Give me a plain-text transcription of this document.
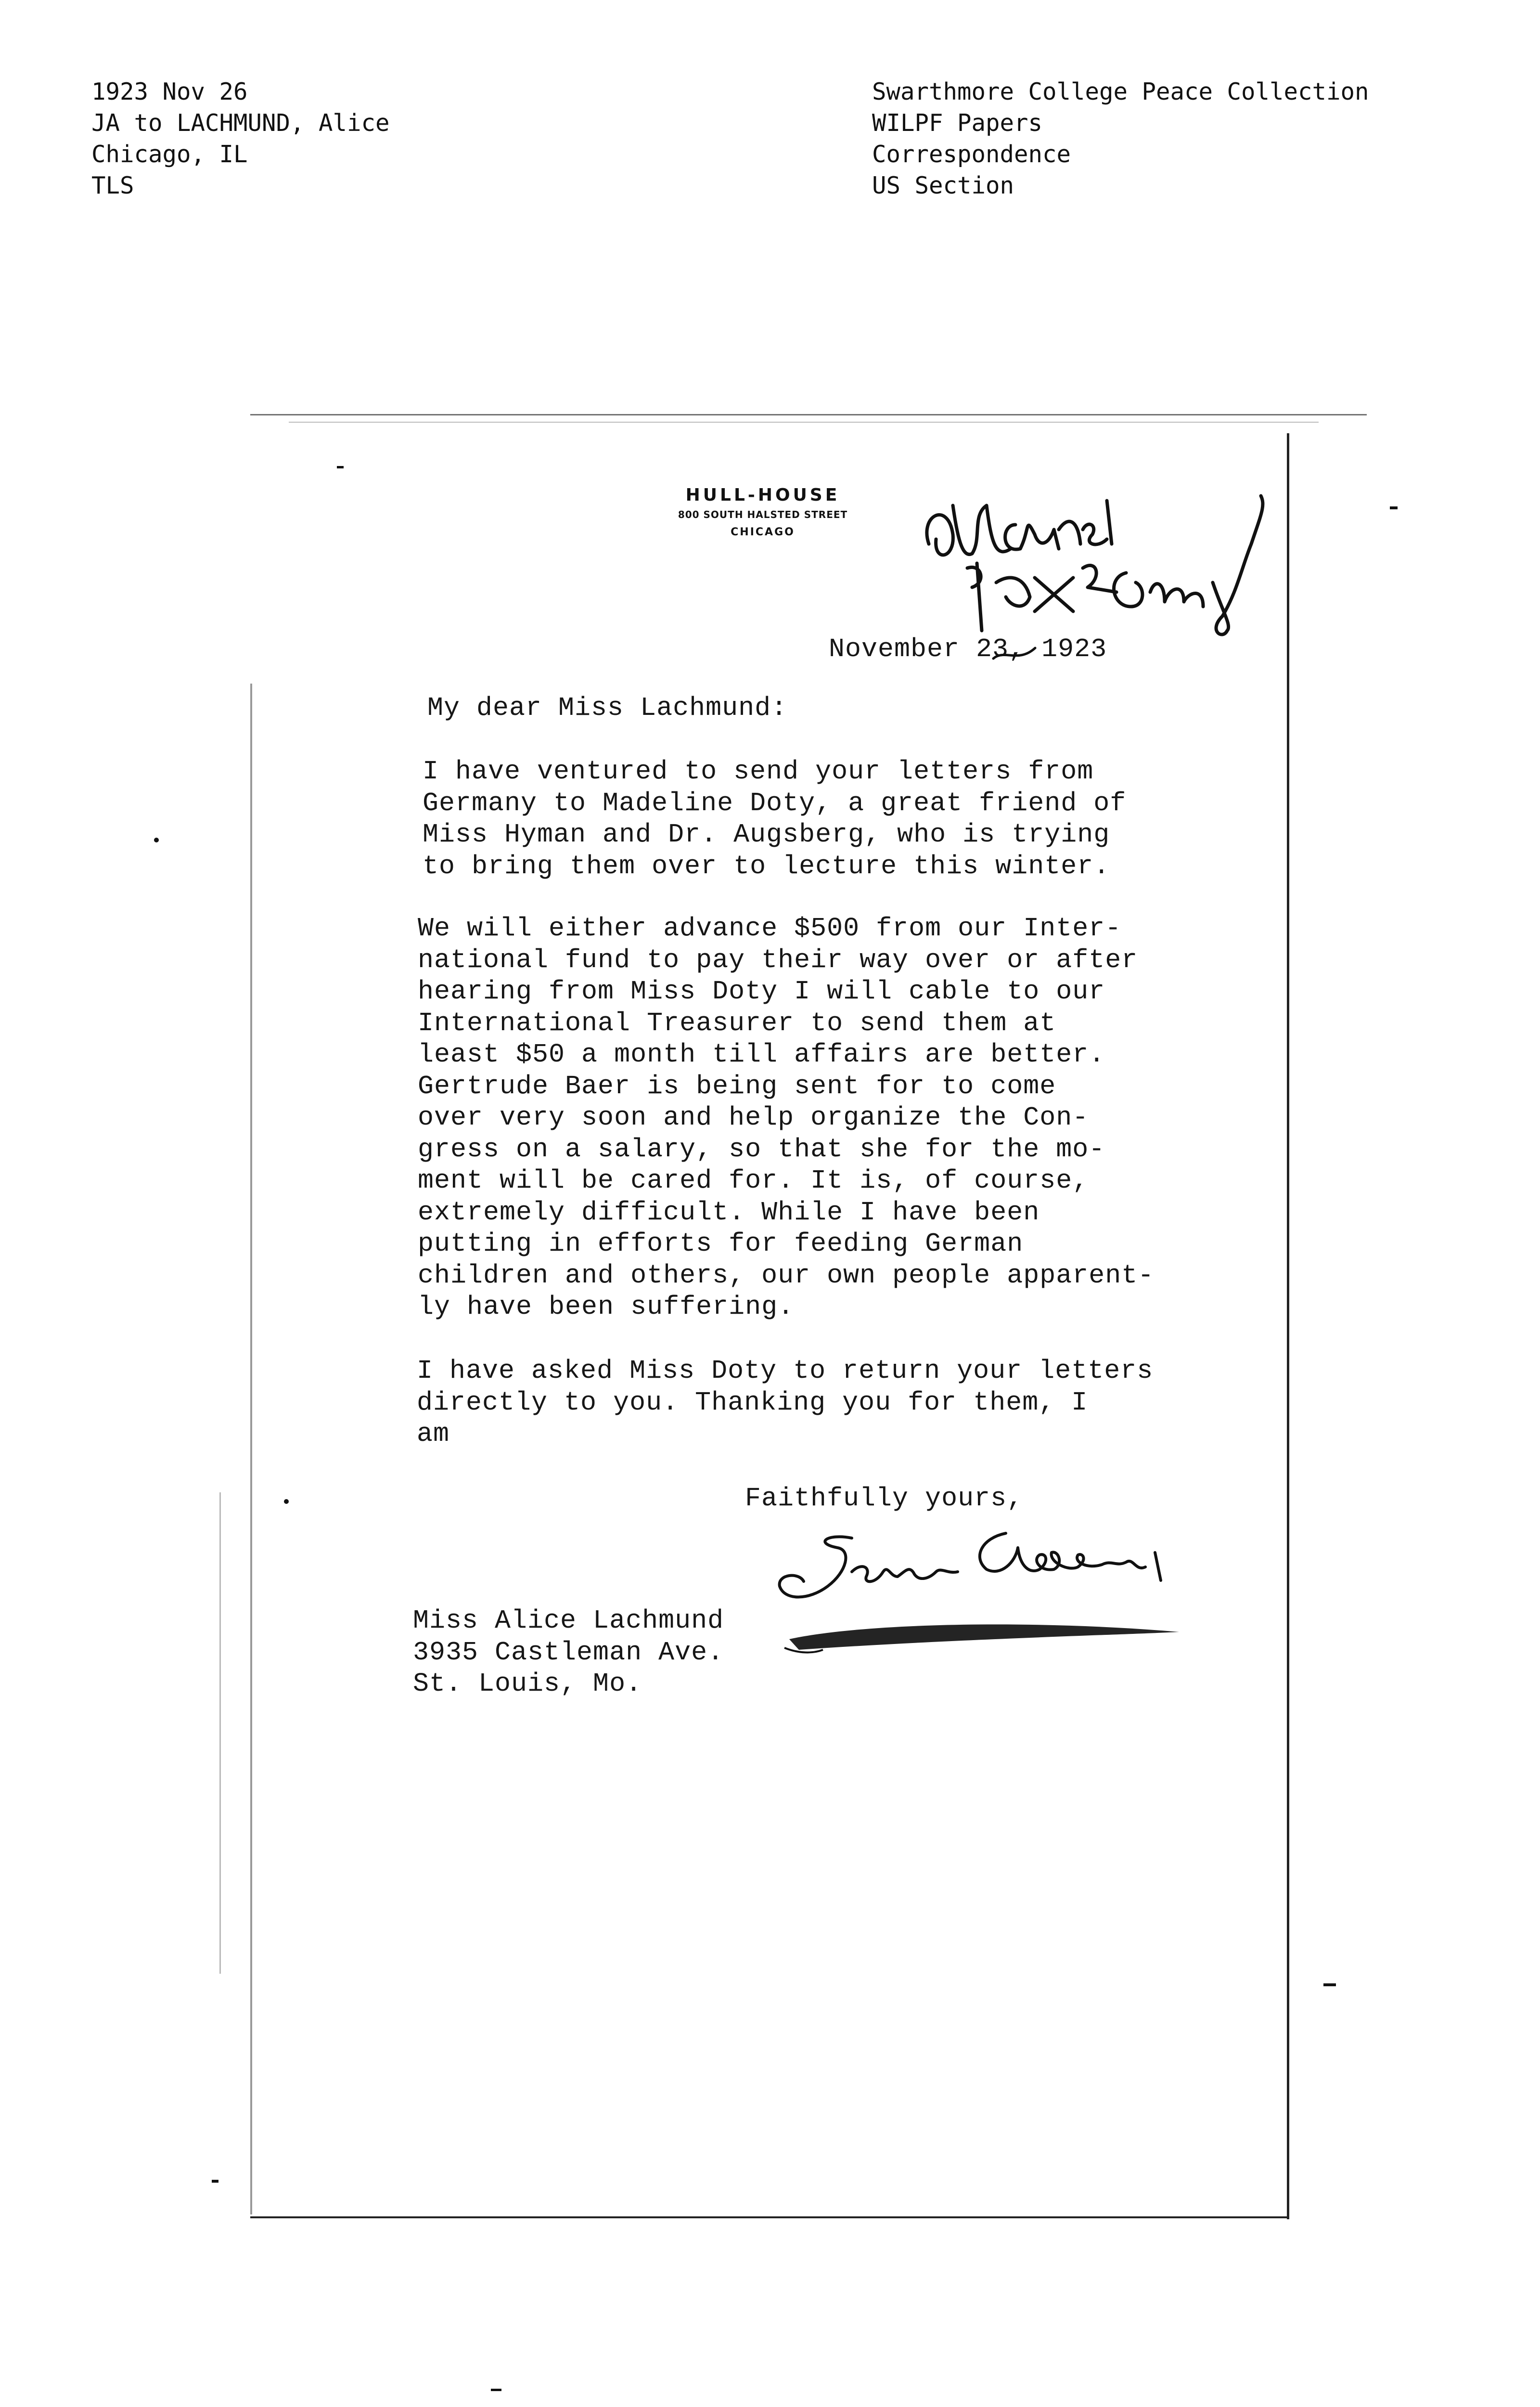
1923 Nov 26
JA to LACHMUND, Alice
Chicago, IL
TLS
Swarthmore College Peace Collection
WILPF Papers
Correspondence
US Section
HULL-HOUSE
800 SOUTH HALSTED STREET
CHICAGO
November 23, 1923
My dear Miss Lachmund:
I have ventured to send your letters from
Germany to Madeline Doty, a great friend of
Miss Hyman and Dr. Augsberg, who is trying
to bring them over to lecture this winter.
We will either advance $500 from our Inter-
national fund to pay their way over or after
hearing from Miss Doty I will cable to our
International Treasurer to send them at
least $50 a month till affairs are better.
Gertrude Baer is being sent for to come
over very soon and help organize the Con-
gress on a salary, so that she for the mo-
ment will be cared for. It is, of course,
extremely difficult. While I have been
putting in efforts for feeding German
children and others, our own people apparent-
ly have been suffering.
I have asked Miss Doty to return your letters
directly to you. Thanking you for them, I
am
Faithfully yours,
Miss Alice Lachmund
3935 Castleman Ave.
St. Louis, Mo.
